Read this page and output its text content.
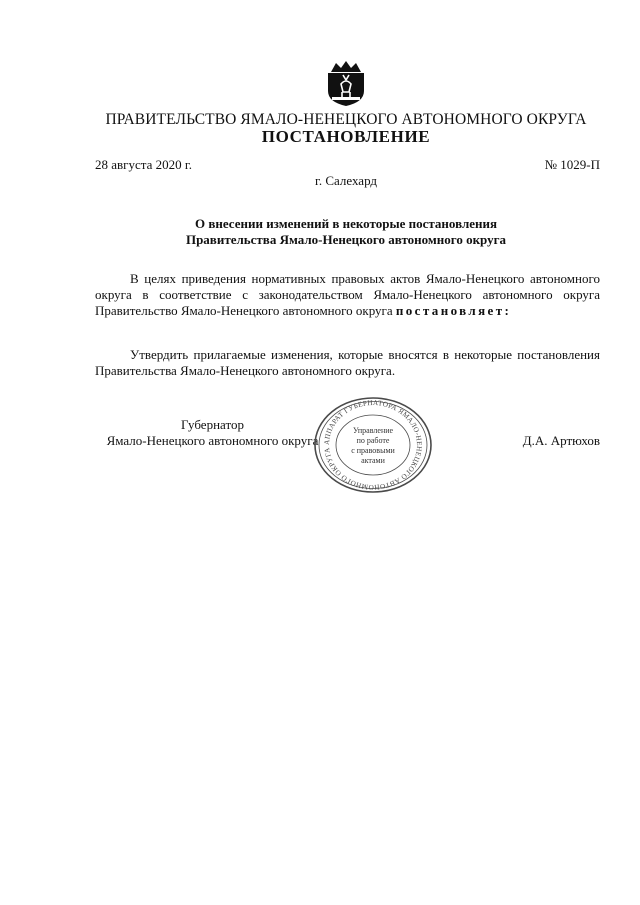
ПРАВИТЕЛЬСТВО ЯМАЛО-НЕНЕЦКОГО АВТОНОМНОГО ОКРУГА
ПОСТАНОВЛЕНИЕ
28 августа 2020 г.	№ 1029-П
г. Салехард
О внесении изменений в некоторые постановления
Правительства Ямало-Ненецкого автономного округа

В целях приведения нормативных правовых актов Ямало-Ненецкого автономного округа в соответствие с законодательством Ямало-Ненецкого автономного округа Правительство Ямало-Ненецкого автономного округа постановляет:

Утвердить прилагаемые изменения, которые вносятся в некоторые постановления Правительства Ямало-Ненецкого автономного округа.

Губернатор
Ямало-Ненецкого автономного округа	Д.А. Артюхов
АППАРАТ ГУБЕРНАТОРА ЯМАЛО-НЕНЕЦКОГО АВТОНОМНОГО ОКРУГА
Управление
по работе
с правовыми
актами
